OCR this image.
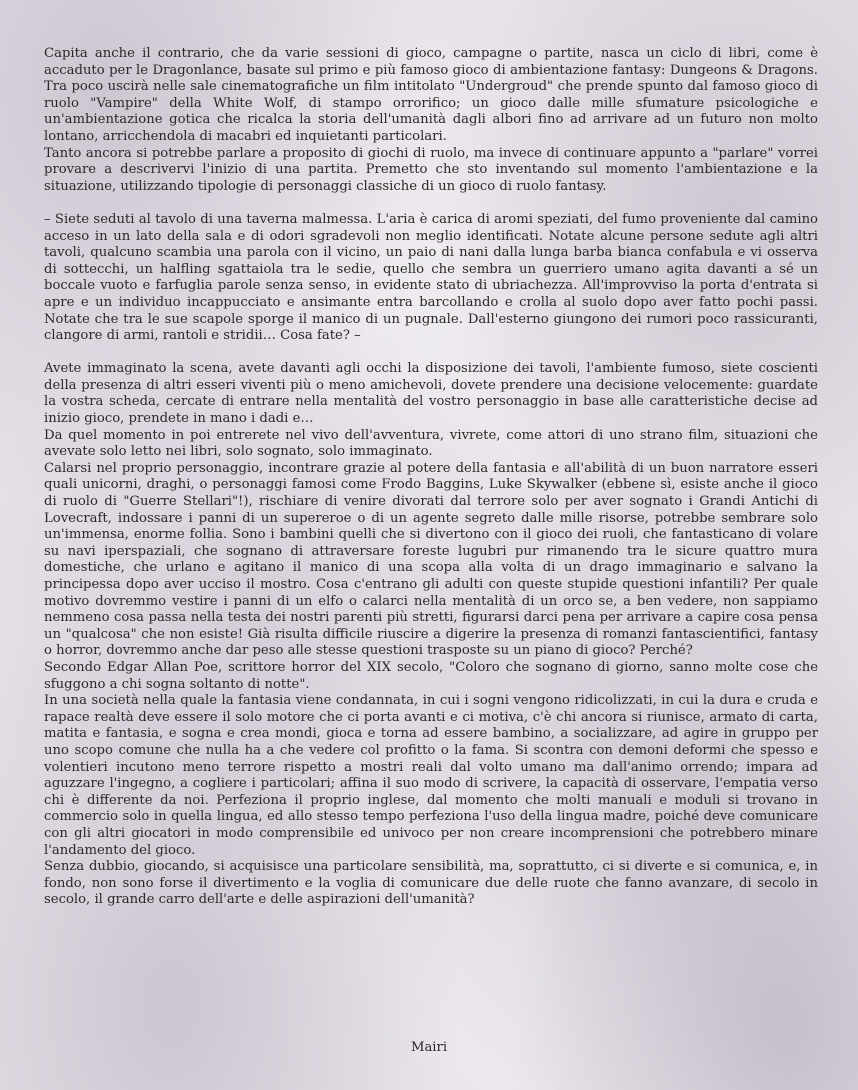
Capita anche il contrario, che da varie sessioni di gioco, campagne o partite, nasca un ciclo di libri, come è accaduto per le Dragonlance, basate sul primo e più famoso gioco di ambientazione fantasy: Dungeons & Dragons. Tra poco uscirà nelle sale cinematografiche un film intitolato "Undergroud" che prende spunto dal famoso gioco di ruolo "Vampire" della White Wolf, di stampo orrorifico; un gioco dalle mille sfumature psicologiche e un'ambientazione gotica che ricalca la storia dell'umanità dagli albori fino ad arrivare ad un futuro non molto lontano, arricchendola di macabri ed inquietanti particolari.

Tanto ancora si potrebbe parlare a proposito di giochi di ruolo, ma invece di continuare appunto a "parlare" vorrei provare a descrivervi l'inizio di una partita. Premetto che sto inventando sul momento l'ambientazione e la situazione, utilizzando tipologie di personaggi classiche di un gioco di ruolo fantasy.

– Siete seduti al tavolo di una taverna malmessa. L'aria è carica di aromi speziati, del fumo proveniente dal camino acceso in un lato della sala e di odori sgradevoli non meglio identificati. Notate alcune persone sedute agli altri tavoli, qualcuno scambia una parola con il vicino, un paio di nani dalla lunga barba bianca confabula e vi osserva di sottecchi, un halfling sgattaiola tra le sedie, quello che sembra un guerriero umano agita davanti a sé un boccale vuoto e farfuglia parole senza senso, in evidente stato di ubriachezza. All'improvviso la porta d'entrata si apre e un individuo incappucciato e ansimante entra barcollando e crolla al suolo dopo aver fatto pochi passi. Notate che tra le sue scapole sporge il manico di un pugnale. Dall'esterno giungono dei rumori poco rassicuranti, clangore di armi, rantoli e stridii… Cosa fate? –

Avete immaginato la scena, avete davanti agli occhi la disposizione dei tavoli, l'ambiente fumoso, siete coscienti della presenza di altri esseri viventi più o meno amichevoli, dovete prendere una decisione velocemente: guardate la vostra scheda, cercate di entrare nella mentalità del vostro personaggio in base alle caratteristiche decise ad inizio gioco, prendete in mano i dadi e…

Da quel momento in poi entrerete nel vivo dell'avventura, vivrete, come attori di uno strano film, situazioni che avevate solo letto nei libri, solo sognato, solo immaginato.

Calarsi nel proprio personaggio, incontrare grazie al potere della fantasia e all'abilità di un buon narratore esseri quali unicorni, draghi, o personaggi famosi come Frodo Baggins, Luke Skywalker (ebbene sì, esiste anche il gioco di ruolo di "Guerre Stellari"!), rischiare di venire divorati dal terrore solo per aver sognato i Grandi Antichi di Lovecraft, indossare i panni di un supereroe o di un agente segreto dalle mille risorse, potrebbe sembrare solo un'immensa, enorme follia. Sono i bambini quelli che si divertono con il gioco dei ruoli, che fantasticano di volare su navi iperspaziali, che sognano di attraversare foreste lugubri pur rimanendo tra le sicure quattro mura domestiche, che urlano e agitano il manico di una scopa alla volta di un drago immaginario e salvano la principessa dopo aver ucciso il mostro. Cosa c'entrano gli adulti con queste stupide questioni infantili? Per quale motivo dovremmo vestire i panni di un elfo o calarci nella mentalità di un orco se, a ben vedere, non sappiamo nemmeno cosa passa nella testa dei nostri parenti più stretti, figurarsi darci pena per arrivare a capire cosa pensa un "qualcosa" che non esiste! Già risulta difficile riuscire a digerire la presenza di romanzi fantascientifici, fantasy o horror, dovremmo anche dar peso alle stesse questioni trasposte su un piano di gioco? Perché?

Secondo Edgar Allan Poe, scrittore horror del XIX secolo, "Coloro che sognano di giorno, sanno molte cose che sfuggono a chi sogna soltanto di notte".

In una società nella quale la fantasia viene condannata, in cui i sogni vengono ridicolizzati, in cui la dura e cruda e rapace realtà deve essere il solo motore che ci porta avanti e ci motiva, c'è chi ancora si riunisce, armato di carta, matita e fantasia, e sogna e crea mondi, gioca e torna ad essere bambino, a socializzare, ad agire in gruppo per uno scopo comune che nulla ha a che vedere col profitto o la fama. Si scontra con demoni deformi che spesso e volentieri incutono meno terrore rispetto a mostri reali dal volto umano ma dall'animo orrendo; impara ad aguzzare l'ingegno, a cogliere i particolari; affina il suo modo di scrivere, la capacità di osservare, l'empatia verso chi è differente da noi. Perfeziona il proprio inglese, dal momento che molti manuali e moduli si trovano in commercio solo in quella lingua, ed allo stesso tempo perfeziona l'uso della lingua madre, poiché deve comunicare con gli altri giocatori in modo comprensibile ed univoco per non creare incomprensioni che potrebbero minare l'andamento del gioco.

Senza dubbio, giocando, si acquisisce una particolare sensibilità, ma, soprattutto, ci si diverte e si comunica, e, in fondo, non sono forse il divertimento e la voglia di comunicare due delle ruote che fanno avanzare, di secolo in secolo, il grande carro dell'arte e delle aspirazioni dell'umanità?

Mairi
